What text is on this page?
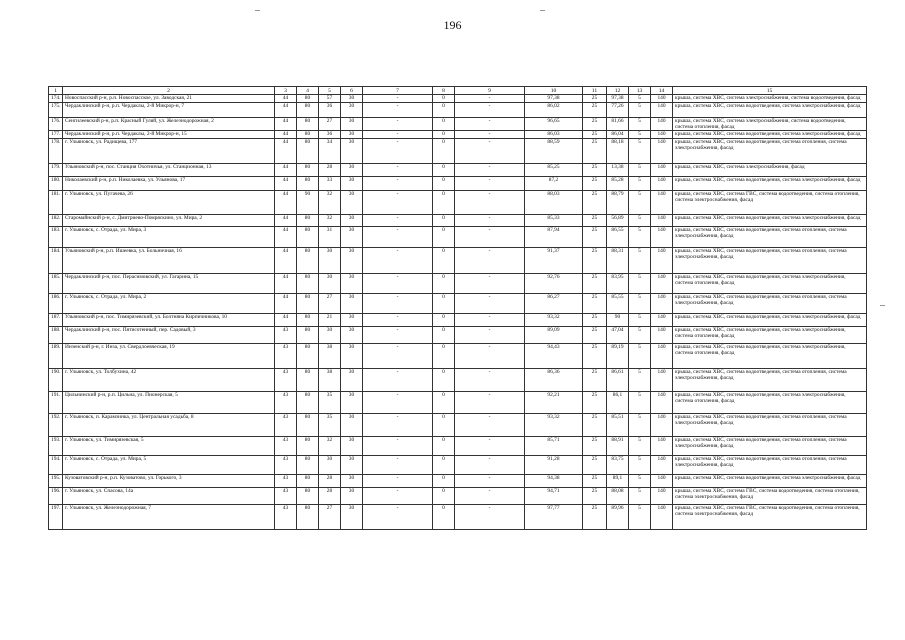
196
1	2	3	4	5	6	7	8	9	10	11	12	13	14	15
174.	Новоспасский р-н, р.п. Новоспасское, ул. Заводская, 21	44	80	57	30	-	0	-	97,38	25	97,38	5	140	крыша, система ХВС, система электроснабжения, система водоотведения, фасад
175.	Чердаклинский р-н, р.п. Чердаклы, 2-й Микрор-н, 7	44	80	36	30	-	0	-	86,02	25	77,26	5	140	крыша, система ХВС, система водоотведения, система электроснабжения, фасад
176.	Сенгилеевский р-н, р.п. Красный Гуляй, ул. Железнодорожная, 2	44	80	27	30	-	0	-	96,65	25	81,66	5	140	крыша, система ХВС, система электроснабжения, система водоотведения, система отопления, фасад
177.	Чердаклинский р-н, р.п. Чердаклы, 2-й Микрор-н, 15	44	80	36	30	-	0	-	86,03	25	86,04	5	140	крыша, система ХВС, система водоотведения, система электроснабжения, фасад
178.	г. Ульяновск, ул. Радищева, 177	44	80	34	30	-	0	-	88,59	25	88,18	5	140	крыша, система ХВС, система водоотведения, система отопления, система электроснабжения, фасад
179.	Ульяновский р-н, пос. Станция Охотничья, ул. Станционная, 13	44	80	28	30	-	0	-	85,25	25	13,38	5	140	крыша, система ХВС, система электроснабжения, фасад
180.	Николаевский р-н, р.п. Николаевка, ул. Ульянова, 17	44	80	33	30	-	0	-	87,2	25	85,28	5	140	крыша, система ХВС, система водоотведения, система электроснабжения, фасад
181.	г. Ульяновск, ул. Пугачева, 26	44	90	32	30	-	0	-	88,03	25	88,79	5	140	крыша, система ХВС, система ГВС, система водоотведения, система отопления, система электроснабжения, фасад
182.	Старомайнский р-н, с. Дмитриево-Помряскино, ул. Мира, 2	44	80	32	30	-	0	-	85,33	25	56,89	5	140	крыша, система ХВС, система водоотведения, система электроснабжения, фасад
183.	г. Ульяновск, с. Отрада, ул. Мира, 3	44	80	31	30	-	0	-	87,94	25	86,55	5	140	крыша, система ХВС, система водоотведения, система отопления, система электроснабжения, фасад
184.	Ульяновский р-н, р.п. Ишеевка, ул. Больничная, 16	44	80	30	30	-	0	-	91,37	25	88,31	5	140	крыша, система ХВС, система водоотведения, система отопления, система электроснабжения, фасад
185.	Чердаклинский р-н, пос. Перасимовский, ул. Гагарина, 15	44	80	30	30	-	0	-	92,76	25	83,95	5	140	крыша, система ХВС, система водоотведения, система электроснабжения, система отопления, фасад
186.	г. Ульяновск, с. Отрада, ул. Мира, 2	44	80	27	30	-	0	-	86,27	25	85,55	5	140	крыша, система ХВС, система водоотведения, система отопления, система электроснабжения, фасад
187.	Ульяновский р-н, пос. Тимирязевский, ул. Болтняна Кирпичникова, 10	44	80	21	30	-	0	-	93,32	25	90	5	140	крыша, система ХВС, система водоотведения, система электроснабжения, фасад
188.	Чердаклинский р-н, пос. Пятисотенный, пер. Садовый, 3	43	80	30	30	-	0	-	89,09	25	47,04	5	140	крыша, система ХВС, система водоотведения, система электроснабжения, система отопления, фасад
189.	Инзенский р-н, г. Инза, ул. Свердлоевческая, 19	43	80	38	30	-	0	-	94,43	25	89,19	5	140	крыша, система ХВС, система водоотведения, система электроснабжения, система отопления, фасад
190.	г. Ульяновск, ул. Толбухина, 42	43	80	38	30	-	0	-	86,36	25	86,61	5	140	крыша, система ХВС, система водоотведения, система отопления, система электроснабжения, фасад
191.	Цильнинский р-н, р.п. Цильна, ул. Пионерская, 5	43	80	35	30	-	0	-	92,21	25	86,1	5	140	крыша, система ХВС, система водоотведения, система электроснабжения, система отопления, фасад
192.	г. Ульяновск, п. Карамзинка, ул. Центральная усадьба, 8	43	80	35	30	-	0	-	93,32	25	85,51	5	140	крыша, система ХВС, система водоотведения, система отопления, система электроснабжения, фасад
193.	г. Ульяновск, ул. Тимирязевская, 5	43	80	32	30	-	0	-	85,71	25	88,91	5	140	крыша, система ХВС, система водоотведения, система отопления, система электроснабжения, фасад
194.	г. Ульяновск, с. Отрада, ул. Мира, 5	43	80	30	30	-	0	-	91,28	25	83,75	5	140	крыша, система ХВС, система водоотведения, система отопления, система электроснабжения, фасад
195.	Кузоватовский р-н, р.п. Кузоватово, ул. Горького, 3	43	80	28	30	-	0	-	94,38	25	89,1	5	140	крыша, система ХВС, система водоотведения, система электроснабжения, фасад
196.	г. Ульяновск, ул. Спасова, 14а	43	80	28	30	-	0	-	94,71	25	88,08	5	140	крыша, система ХВС, система ГВС, система водоотведения, система отопления, система электроснабжения, фасад
197.	г. Ульяновск, ул. Железнодорожная, 7	43	80	27	30	-	0	-	97,77	25	89,96	5	140	крыша, система ХВС, система ГВС, система водоотведения, система отопления, система электроснабжения, фасад
